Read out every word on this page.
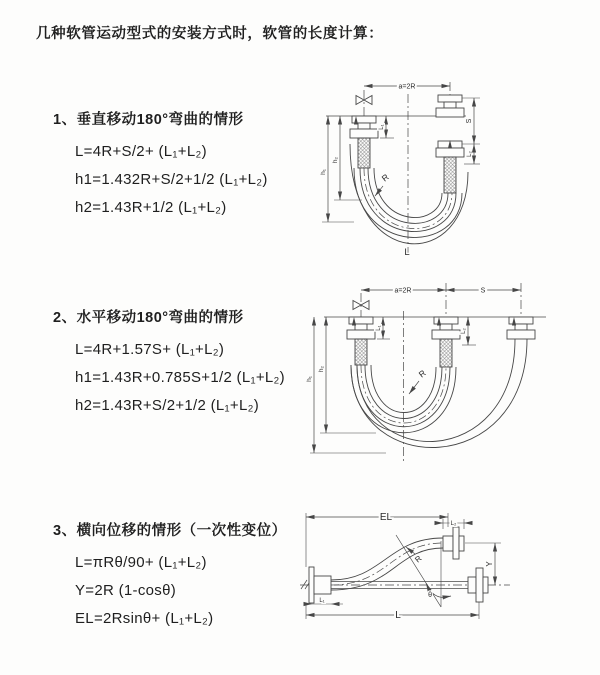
几种软管运动型式的安装方式时，软管的长度计算：
1、垂直移动180°弯曲的情形
L=4R+S/2+ (L₁+L₂)
h1=1.432R+S/2+1/2 (L₁+L₂)
h2=1.43R+1/2 (L₁+L₂)
2、水平移动180°弯曲的情形
L=4R+1.57S+ (L₁+L₂)
h1=1.43R+0.785S+1/2 (L₁+L₂)
h2=1.43R+S/2+1/2 (L₁+L₂)
3、横向位移的情形（一次性变位）
L=πRθ/90+ (L₁+L₂)
Y=2R (1-cosθ)
EL=2Rsinθ+ (L₁+L₂)
a=2R
S
L₂
L₁
h₁
h₂
R
L
a=2R	S
L₁
L₂
h₁
h₂	R
EL
L₂
Y
R
θ
L₁
L
